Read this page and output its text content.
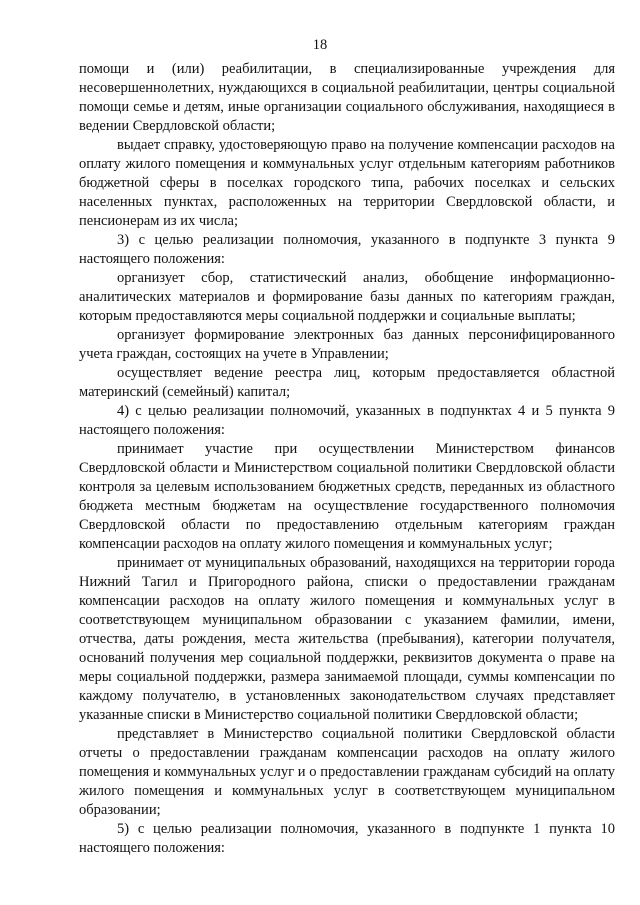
18

помощи и (или) реабилитации, в специализированные учреждения для несовершеннолетних, нуждающихся в социальной реабилитации, центры социальной помощи семье и детям, иные организации социального обслуживания, находящиеся в ведении Свердловской области;

выдает справку, удостоверяющую право на получение компенсации расходов на оплату жилого помещения и коммунальных услуг отдельным категориям работников бюджетной сферы в поселках городского типа, рабочих поселках и сельских населенных пунктах, расположенных на территории Свердловской области, и пенсионерам из их числа;

3) с целью реализации полномочия, указанного в подпункте 3 пункта 9 настоящего положения:

организует сбор, статистический анализ, обобщение информационно-аналитических материалов и формирование базы данных по категориям граждан, которым предоставляются меры социальной поддержки и социальные выплаты;

организует формирование электронных баз данных персонифицированного учета граждан, состоящих на учете в Управлении;

осуществляет ведение реестра лиц, которым предоставляется областной материнский (семейный) капитал;

4) с целью реализации полномочий, указанных в подпунктах 4 и 5 пункта 9 настоящего положения:

принимает участие при осуществлении Министерством финансов Свердловской области и Министерством социальной политики Свердловской области контроля за целевым использованием бюджетных средств, переданных из областного бюджета местным бюджетам на осуществление государственного полномочия Свердловской области по предоставлению отдельным категориям граждан компенсации расходов на оплату жилого помещения и коммунальных услуг;

принимает от муниципальных образований, находящихся на территории города Нижний Тагил и Пригородного района, списки о предоставлении гражданам компенсации расходов на оплату жилого помещения и коммунальных услуг в соответствующем муниципальном образовании с указанием фамилии, имени, отчества, даты рождения, места жительства (пребывания), категории получателя, оснований получения мер социальной поддержки, реквизитов документа о праве на меры социальной поддержки, размера занимаемой площади, суммы компенсации по каждому получателю, в установленных законодательством случаях представляет указанные списки в Министерство социальной политики Свердловской области;

представляет в Министерство социальной политики Свердловской области отчеты о предоставлении гражданам компенсации расходов на оплату жилого помещения и коммунальных услуг и о предоставлении гражданам субсидий на оплату жилого помещения и коммунальных услуг в соответствующем муниципальном образовании;

5) с целью реализации полномочия, указанного в подпункте 1 пункта 10 настоящего положения:
